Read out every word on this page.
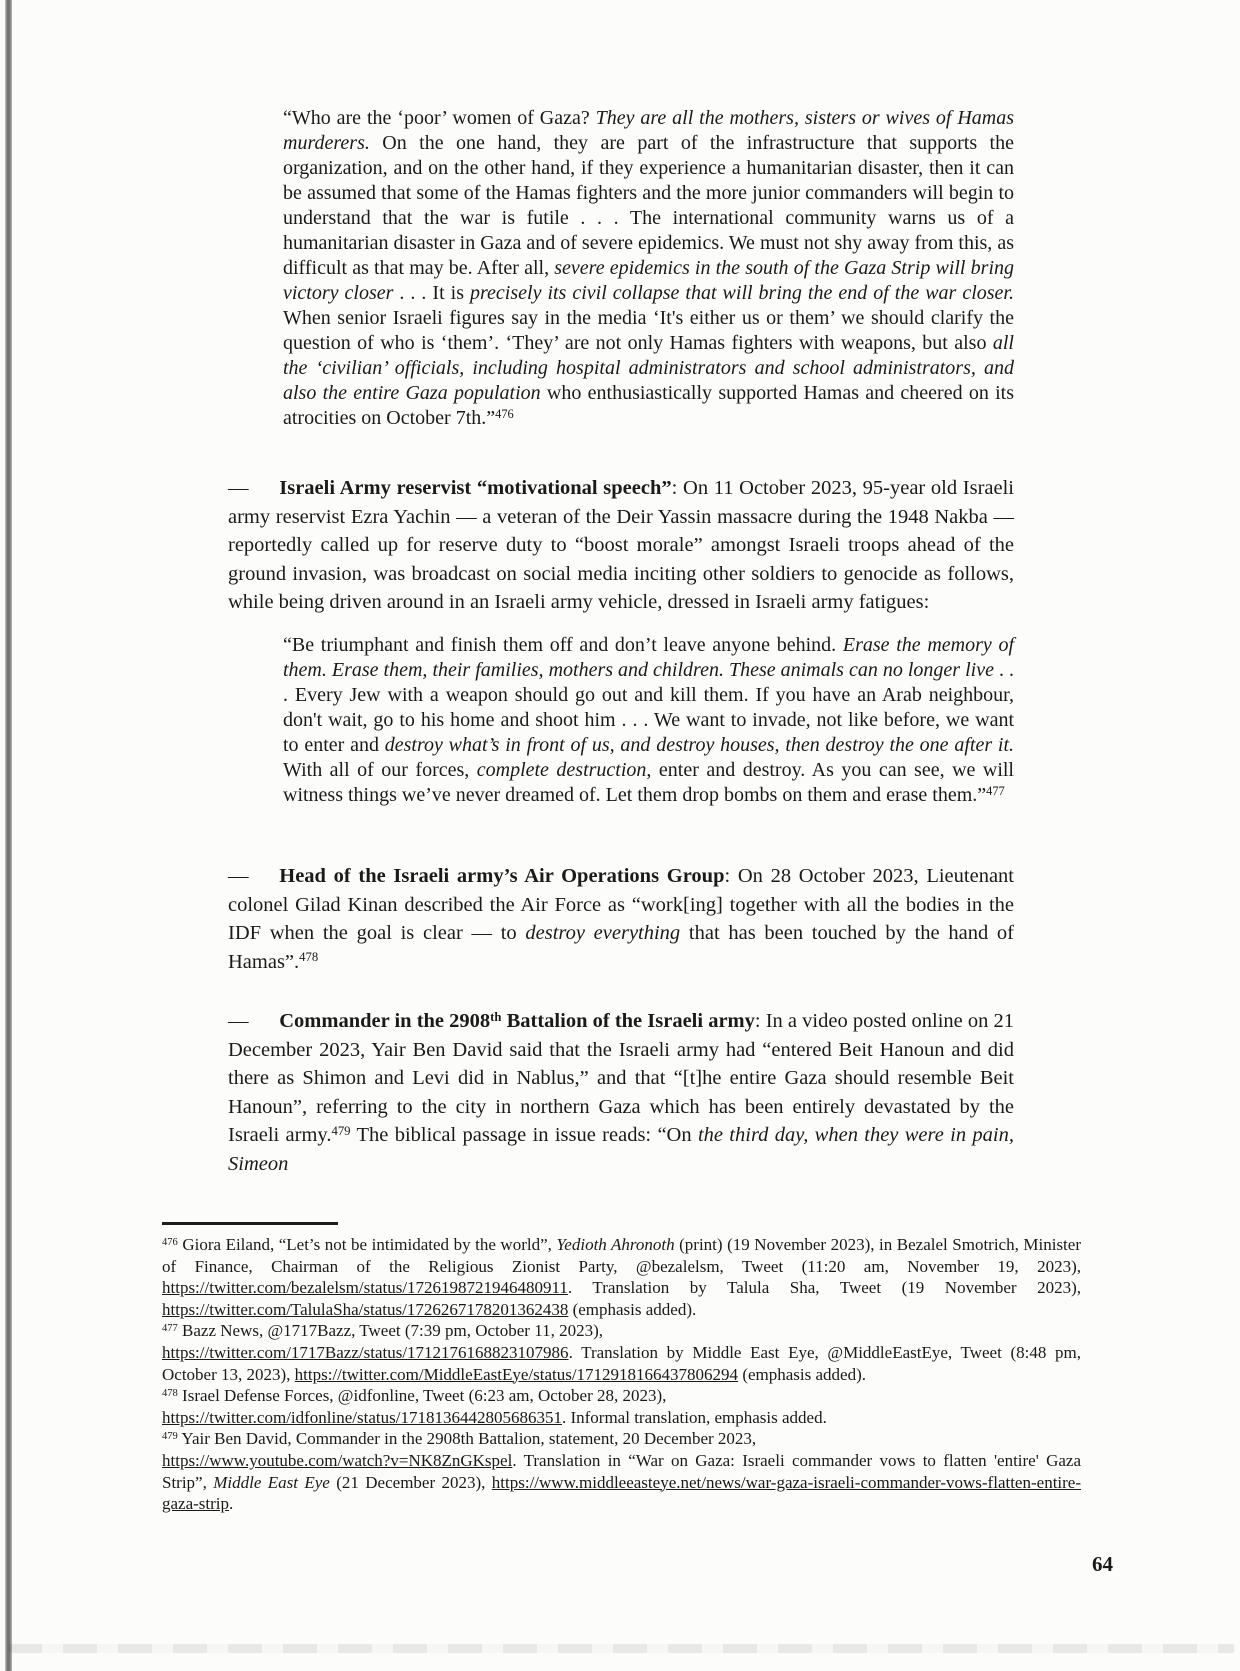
“Who are the ‘poor’ women of Gaza? They are all the mothers, sisters or wives of Hamas murderers. On the one hand, they are part of the infrastructure that supports the organization, and on the other hand, if they experience a humanitarian disaster, then it can be assumed that some of the Hamas fighters and the more junior commanders will begin to understand that the war is futile . . . The international community warns us of a humanitarian disaster in Gaza and of severe epidemics. We must not shy away from this, as difficult as that may be. After all, severe epidemics in the south of the Gaza Strip will bring victory closer . . . It is precisely its civil collapse that will bring the end of the war closer. When senior Israeli figures say in the media ‘It's either us or them’ we should clarify the question of who is ‘them’. ‘They’ are not only Hamas fighters with weapons, but also all the ‘civilian’ officials, including hospital administrators and school administrators, and also the entire Gaza population who enthusiastically supported Hamas and cheered on its atrocities on October 7th.”$^{476}$
—  Israeli Army reservist “motivational speech”: On 11 October 2023, 95-year old Israeli army reservist Ezra Yachin — a veteran of the Deir Yassin massacre during the 1948 Nakba — reportedly called up for reserve duty to “boost morale” amongst Israeli troops ahead of the ground invasion, was broadcast on social media inciting other soldiers to genocide as follows, while being driven around in an Israeli army vehicle, dressed in Israeli army fatigues:
“Be triumphant and finish them off and don’t leave anyone behind. Erase the memory of them. Erase them, their families, mothers and children. These animals can no longer live . . . Every Jew with a weapon should go out and kill them. If you have an Arab neighbour, don't wait, go to his home and shoot him . . . We want to invade, not like before, we want to enter and destroy what’s in front of us, and destroy houses, then destroy the one after it. With all of our forces, complete destruction, enter and destroy. As you can see, we will witness things we’ve never dreamed of. Let them drop bombs on them and erase them.”$^{477}$
—  Head of the Israeli army’s Air Operations Group: On 28 October 2023, Lieutenant colonel Gilad Kinan described the Air Force as “work[ing] together with all the bodies in the IDF when the goal is clear — to destroy everything that has been touched by the hand of Hamas”.$^{478}$
—  Commander in the 2908th Battalion of the Israeli army: In a video posted online on 21 December 2023, Yair Ben David said that the Israeli army had “entered Beit Hanoun and did there as Shimon and Levi did in Nablus,” and that “[t]he entire Gaza should resemble Beit Hanoun”, referring to the city in northern Gaza which has been entirely devastated by the Israeli army.$^{479}$ The biblical passage in issue reads: “On the third day, when they were in pain, Simeon
$^{476}$ Giora Eiland, “Let’s not be intimidated by the world”, Yedioth Ahronoth (print) (19 November 2023), in Bezalel Smotrich, Minister of Finance, Chairman of the Religious Zionist Party, @bezalelsm, Tweet (11:20 am, November 19, 2023), https://twitter.com/bezalelsm/status/1726198721946480911. Translation by Talula Sha, Tweet (19 November 2023), https://twitter.com/TalulaSha/status/1726267178201362438 (emphasis added).
$^{477}$ Bazz News, @1717Bazz, Tweet (7:39 pm, October 11, 2023),
https://twitter.com/1717Bazz/status/1712176168823107986. Translation by Middle East Eye, @MiddleEastEye, Tweet (8:48 pm, October 13, 2023), https://twitter.com/MiddleEastEye/status/1712918166437806294 (emphasis added).
$^{478}$ Israel Defense Forces, @idfonline, Tweet (6:23 am, October 28, 2023),
https://twitter.com/idfonline/status/1718136442805686351. Informal translation, emphasis added.
$^{479}$ Yair Ben David, Commander in the 2908th Battalion, statement, 20 December 2023,
https://www.youtube.com/watch?v=NK8ZnGKspel. Translation in “War on Gaza: Israeli commander vows to flatten 'entire' Gaza Strip”, Middle East Eye (21 December 2023), https://www.middleeasteye.net/news/war-gaza-israeli-commander-vows-flatten-entire-gaza-strip.
64
